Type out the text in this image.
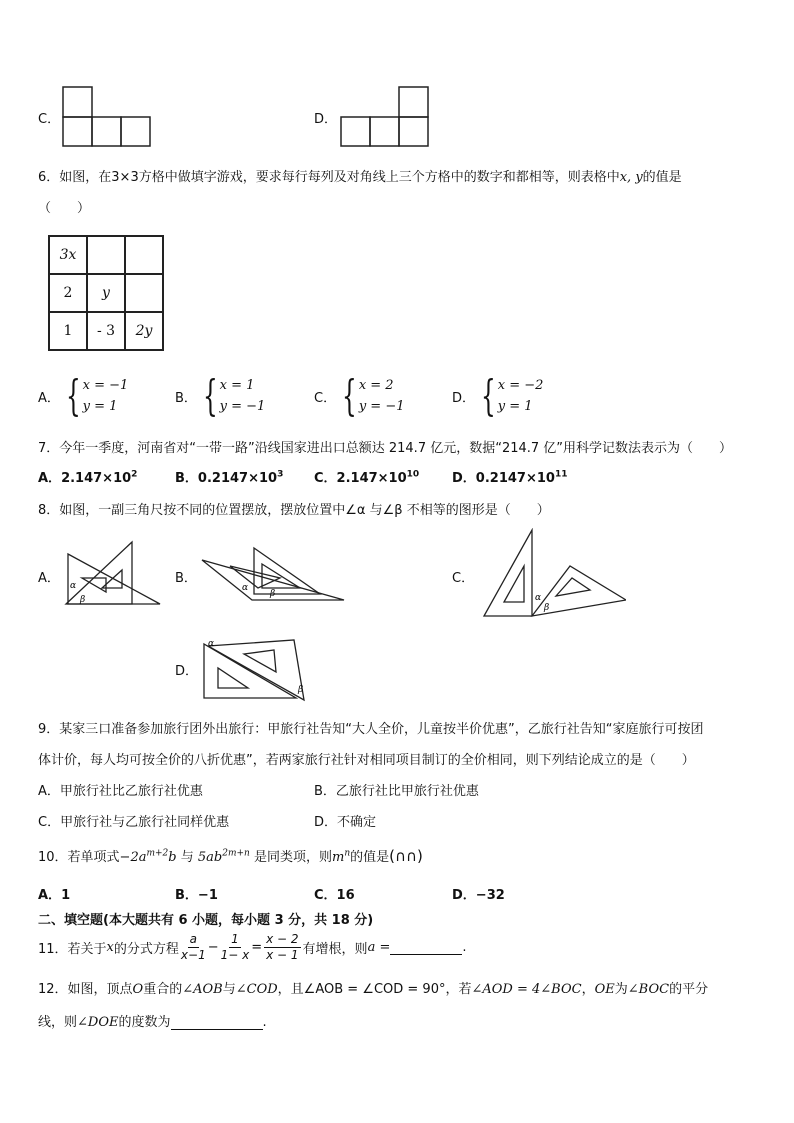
C．	D．
6．如图，在3×3方格中做填字游戏，要求每行每列及对角线上三个方格中的数字和都相等，则表格中x, y的值是
（　　）
3x		
2	y	
1	- 3	2y
A． { x = −1
y = 1
B． { x = 1
y = −1
C． { x = 2
y = −1
D． { x = −2
y = 1
7．今年一季度，河南省对“一带一路”沿线国家进出口总额达 214.7 亿元，数据“214.7 亿”用科学记数法表示为（　　）
A．$2.147\times 10^2$	B．$0.2147\times 10^3$ C．$2.147\times 10^{10}$	D．$0.2147\times 10^{11}$
8．如图，一副三角尺按不同的位置摆放，摆放位置中∠α 与∠β 不相等的图形是（　　）
A． α
β
B．
α
β
C．
α
β
D．
α
β
9．某家三口准备参加旅行团外出旅行：甲旅行社告知“大人全价，儿童按半价优惠”，乙旅行社告知“家庭旅行可按团
体计价，每人均可按全价的八折优惠”，若两家旅行社针对相同项目制订的全价相同，则下列结论成立的是（　　）
A．甲旅行社比乙旅行社优惠	B．乙旅行社比甲旅行社优惠
C．甲旅行社与乙旅行社同样优惠	D．不确定
10．若单项式$-2a^{m+2}b$ 与 $5ab^{2m+n}$ 是同类项，则$m^n$的值是(∩∩)
A．1	B．−1	C．16	D．−32
二、填空题(本大题共有 6 小题，每小题 3 分，共 18 分)
11．若关于 x 的分式方程 $\frac{a}{x-1} - \frac{1}{1- x} = \frac{x - 2}{x - 1}$ 有增根，则 a =	.
12．如图，顶点O重合的∠AOB与∠COD，且∠AOB = ∠COD = 90°，若∠AOD = 4∠BOC，OE为∠BOC的平分
线，则∠DOE的度数为	.
